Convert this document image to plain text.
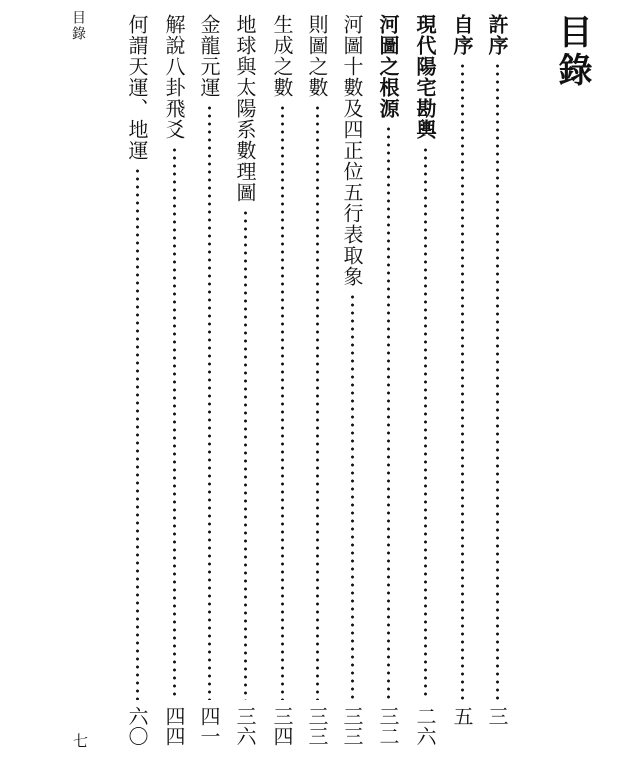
目錄
七
目錄
許序
三
自序
五
現代陽宅勘輿
二六
河圖之根源
三二
河圖十數及四正位五行表取象
三三
則圖之數
三三
生成之數
三四
地球與太陽系數理圖
三六
金龍元運
四一
解說八卦飛爻
四四
何謂天運、地運
六〇
